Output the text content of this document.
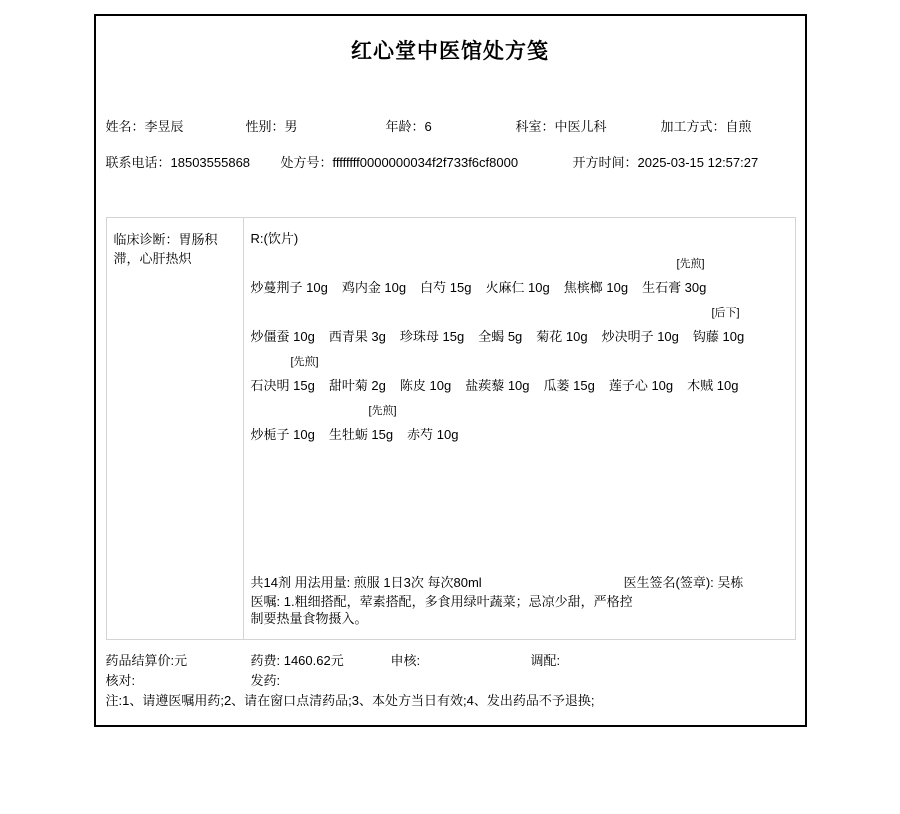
红心堂中医馆处方笺
姓名：李昱辰	性别：男	年龄：6	科室：中医儿科	加工方式：自煎
联系电话：18503555868 处方号：ffffffff0000000034f2f733f6cf8000	开方时间：2025-03-15 12:57:27
临床诊断：胃肠积滞，心肝热炽
R:(饮片)
[先煎]
炒蔓荆子 10g 鸡内金 10g 白芍 15g 火麻仁 10g 焦槟榔 10g 生石膏 30g
[后下]
炒僵蚕 10g 西青果 3g 珍珠母 15g 全蝎 5g 菊花 10g 炒决明子 10g 钩藤 10g
[先煎]
石决明 15g 甜叶菊 2g 陈皮 10g 盐蒺藜 10g 瓜蒌 15g 莲子心 10g 木贼 10g
[先煎]
炒栀子 10g 生牡蛎 15g 赤芍 10g
共14剂 用法用量: 煎服 1日3次 每次80ml	医生签名(签章): 吴栋
医嘱: 1.粗细搭配，荤素搭配，多食用绿叶蔬菜；忌凉少甜，严格控制要热量食物摄入。
药品结算价:元	药费: 1460.62元	申核:	调配:
核对:	发药:
注:1、请遵医嘱用药;2、请在窗口点清药品;3、本处方当日有效;4、发出药品不予退换;
